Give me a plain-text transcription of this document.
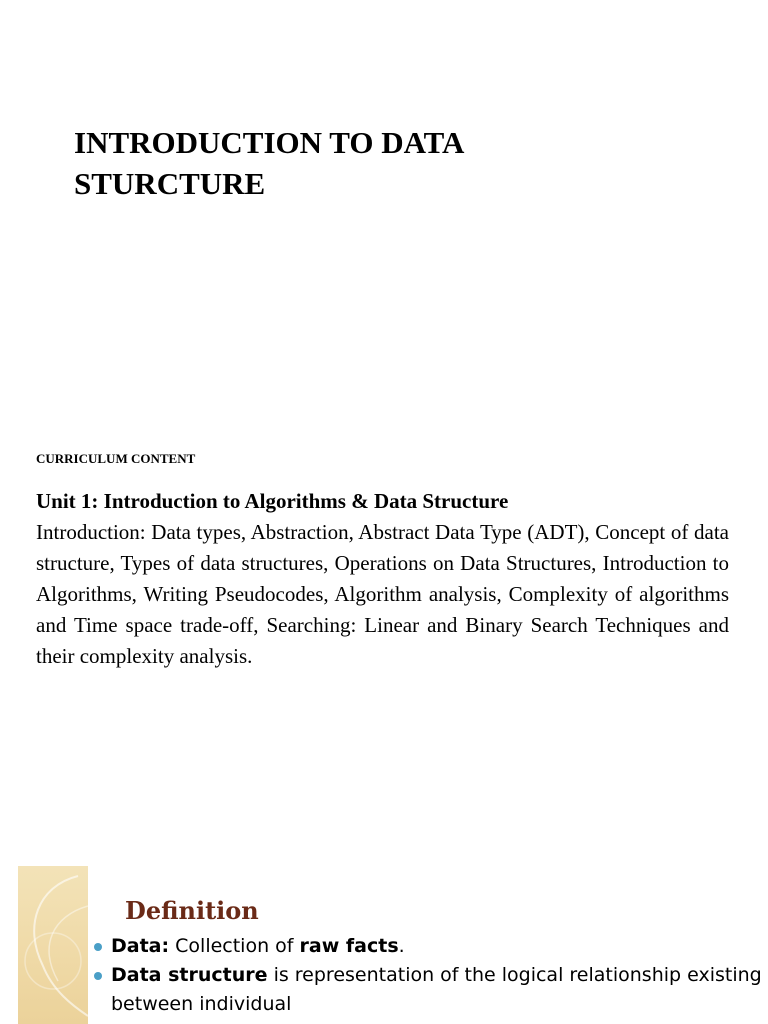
INTRODUCTION TO DATA
STURCTURE
CURRICULUM CONTENT
Unit 1: Introduction to Algorithms & Data Structure
Introduction: Data types, Abstraction, Abstract Data Type (ADT), Concept of data structure, Types of data structures, Operations on Data Structures, Introduction to Algorithms, Writing Pseudocodes, Algorithm analysis, Complexity of algorithms and Time space trade-off, Searching: Linear and Binary Search Techniques and their complexity analysis.
Definition
Data: Collection of raw facts.
Data structure is representation of the logical relationship existing between individual
